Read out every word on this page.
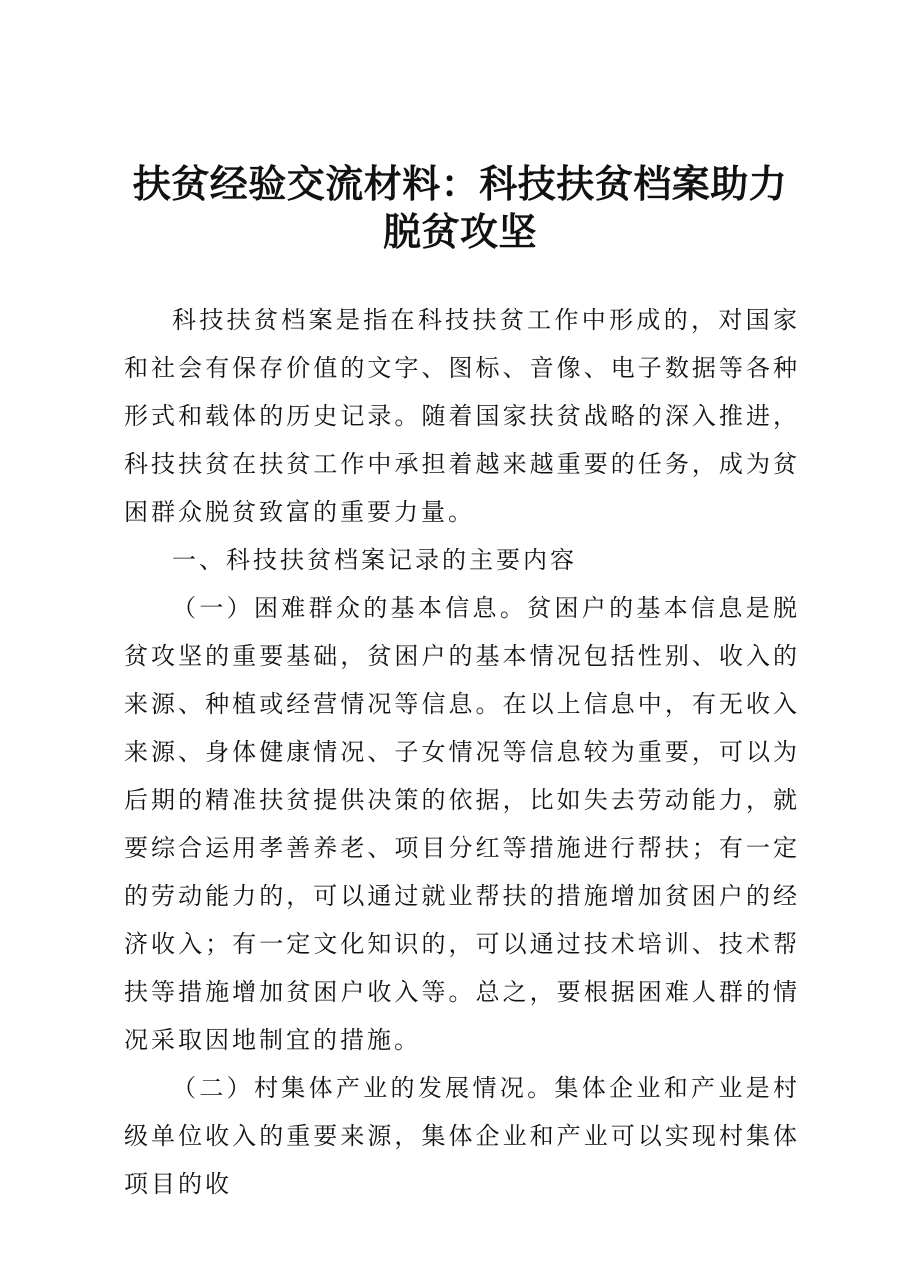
扶贫经验交流材料：科技扶贫档案助力脱贫攻坚

科技扶贫档案是指在科技扶贫工作中形成的，对国家和社会有保存价值的文字、图标、音像、电子数据等各种形式和载体的历史记录。随着国家扶贫战略的深入推进，科技扶贫在扶贫工作中承担着越来越重要的任务，成为贫困群众脱贫致富的重要力量。

一、科技扶贫档案记录的主要内容

（一）困难群众的基本信息。贫困户的基本信息是脱贫攻坚的重要基础，贫困户的基本情况包括性别、收入的来源、种植或经营情况等信息。在以上信息中，有无收入来源、身体健康情况、子女情况等信息较为重要，可以为后期的精准扶贫提供决策的依据，比如失去劳动能力，就要综合运用孝善养老、项目分红等措施进行帮扶；有一定的劳动能力的，可以通过就业帮扶的措施增加贫困户的经济收入；有一定文化知识的，可以通过技术培训、技术帮扶等措施增加贫困户收入等。总之，要根据困难人群的情况采取因地制宜的措施。

（二）村集体产业的发展情况。集体企业和产业是村级单位收入的重要来源，集体企业和产业可以实现村集体项目的收
